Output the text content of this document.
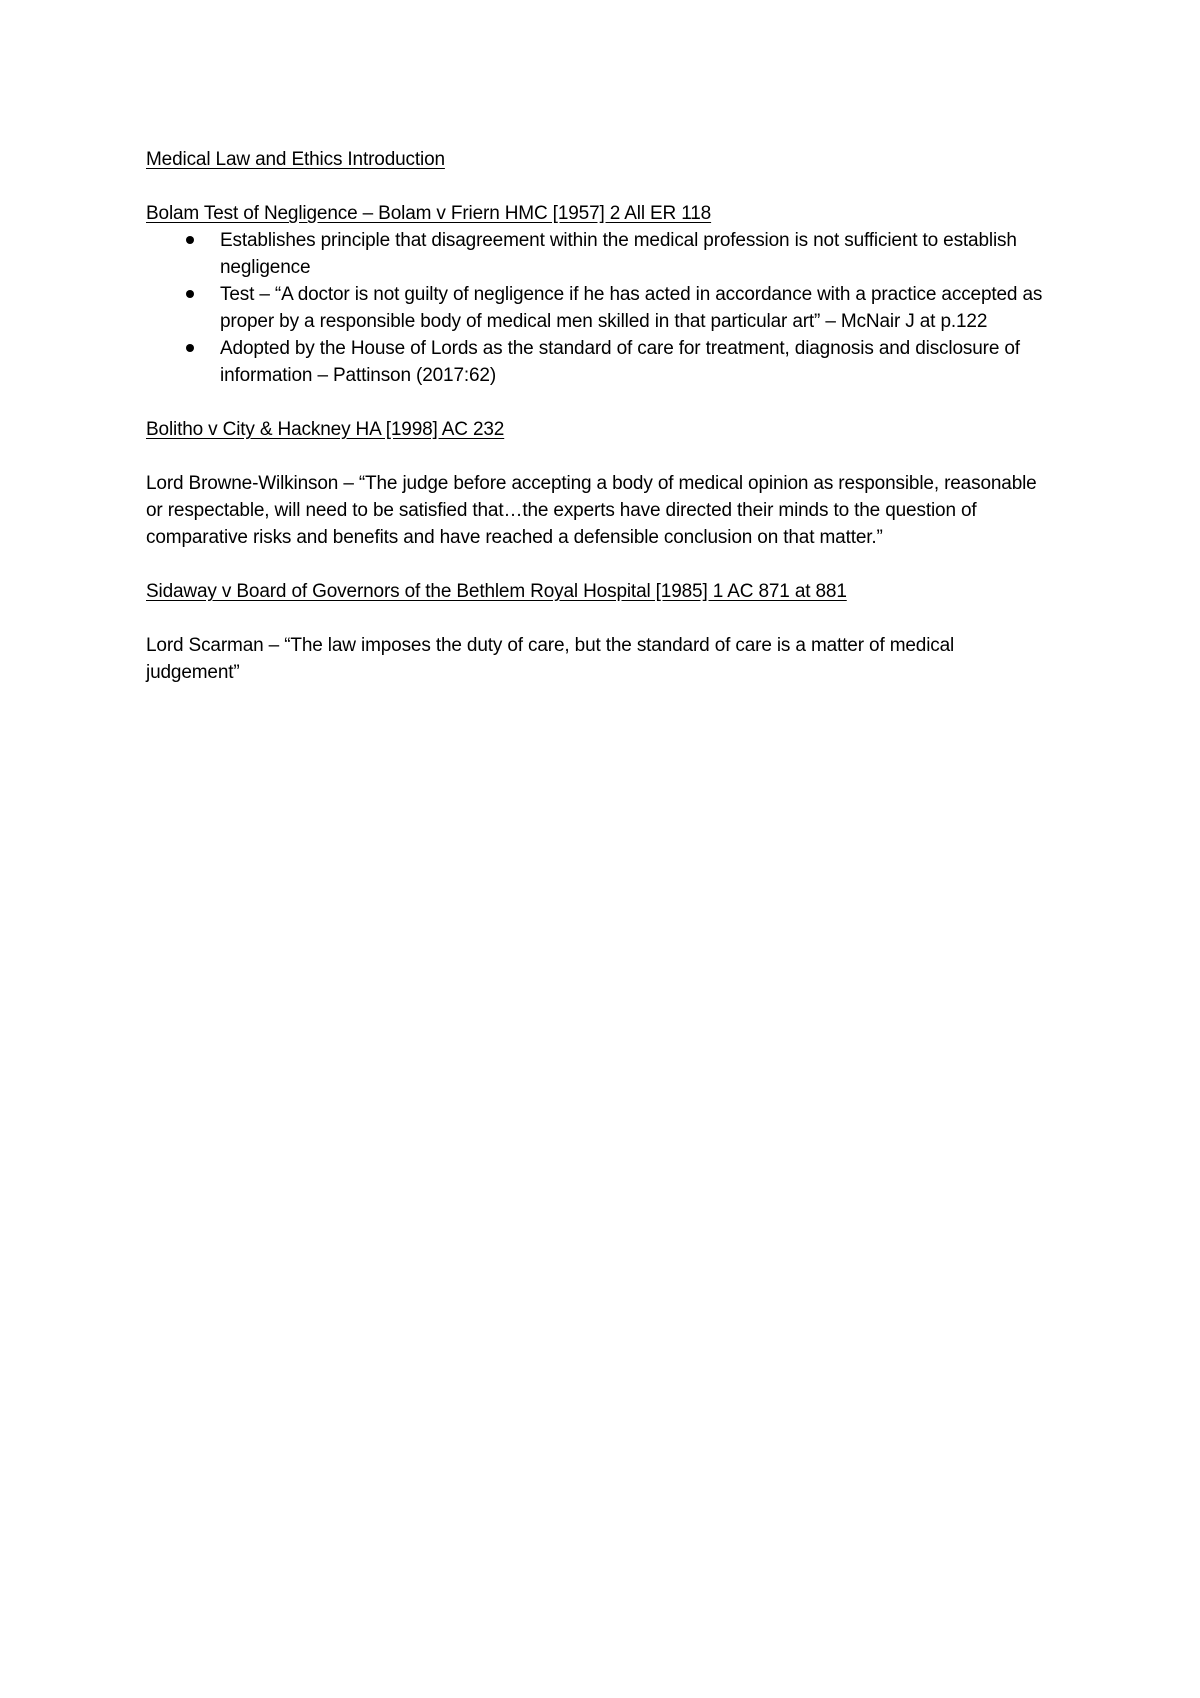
Medical Law and Ethics Introduction

Bolam Test of Negligence – Bolam v Friern HMC [1957] 2 All ER 118

Establishes principle that disagreement within the medical profession is not sufficient to establish negligence
Test – “A doctor is not guilty of negligence if he has acted in accordance with a practice accepted as proper by a responsible body of medical men skilled in that particular art” – McNair J at p.122
Adopted by the House of Lords as the standard of care for treatment, diagnosis and disclosure of information – Pattinson (2017:62)

Bolitho v City & Hackney HA [1998] AC 232

Lord Browne-Wilkinson – “The judge before accepting a body of medical opinion as responsible, reasonable or respectable, will need to be satisfied that…the experts have directed their minds to the question of comparative risks and benefits and have reached a defensible conclusion on that matter.”

Sidaway v Board of Governors of the Bethlem Royal Hospital [1985] 1 AC 871 at 881

Lord Scarman – “The law imposes the duty of care, but the standard of care is a matter of medical judgement”
